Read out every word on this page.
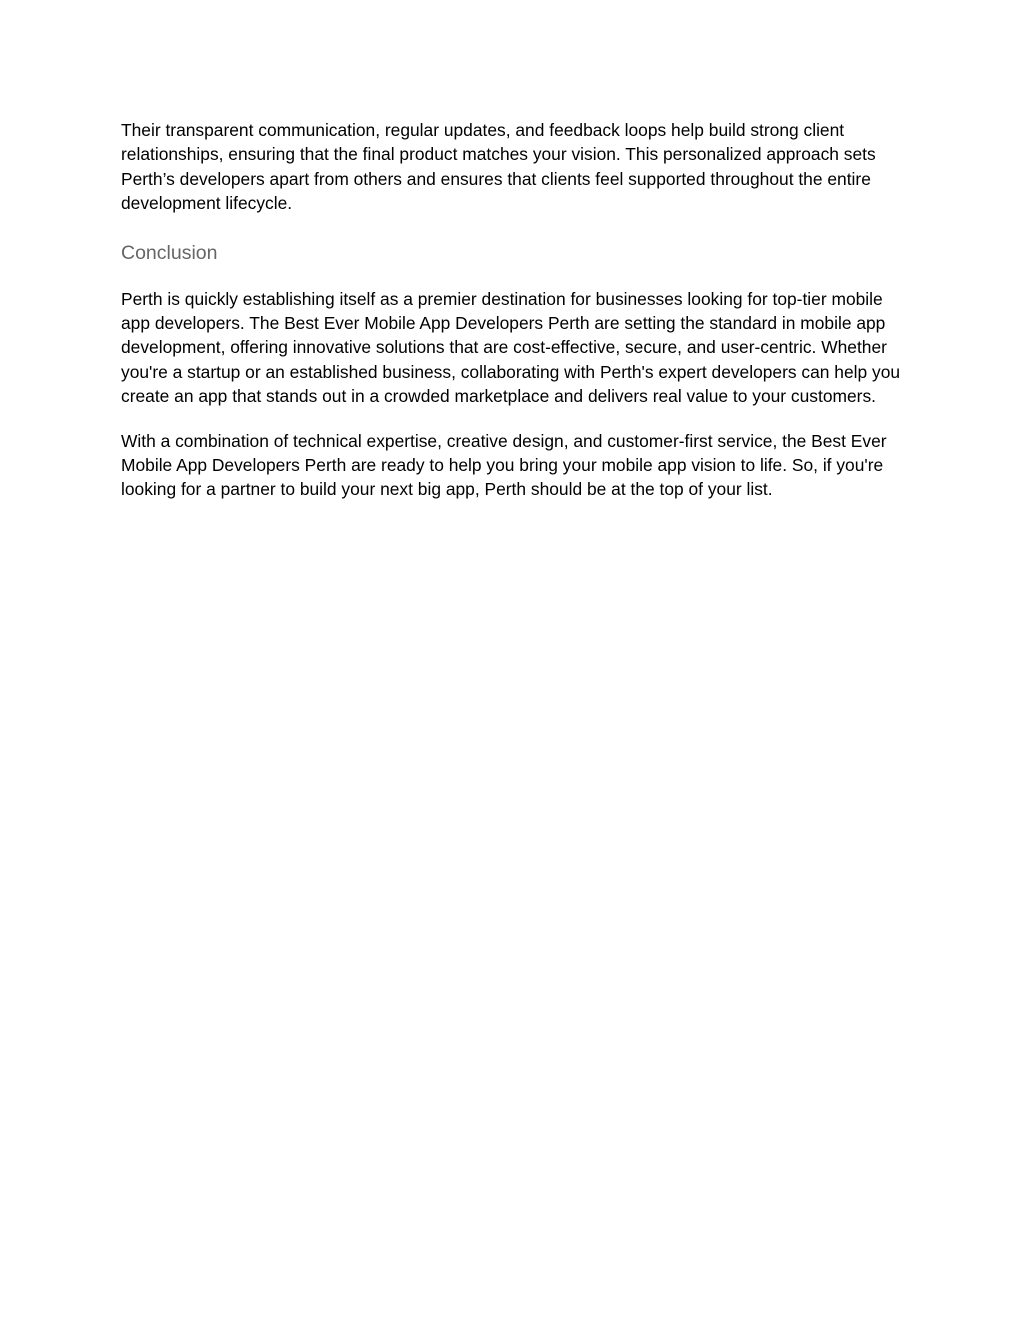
Their transparent communication, regular updates, and feedback loops help build strong client relationships, ensuring that the final product matches your vision. This personalized approach sets Perth’s developers apart from others and ensures that clients feel supported throughout the entire development lifecycle.

Conclusion

Perth is quickly establishing itself as a premier destination for businesses looking for top-tier mobile app developers. The Best Ever Mobile App Developers Perth are setting the standard in mobile app development, offering innovative solutions that are cost-effective, secure, and user-centric. Whether you're a startup or an established business, collaborating with Perth's expert developers can help you create an app that stands out in a crowded marketplace and delivers real value to your customers.

With a combination of technical expertise, creative design, and customer-first service, the Best Ever Mobile App Developers Perth are ready to help you bring your mobile app vision to life. So, if you're looking for a partner to build your next big app, Perth should be at the top of your list.
